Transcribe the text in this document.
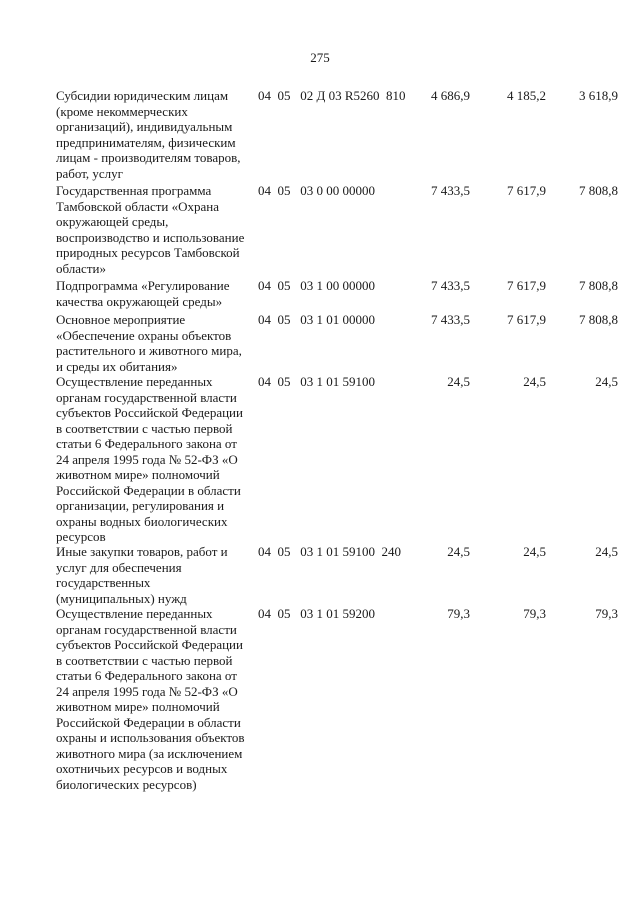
275
Субсидии юридическим лицам
(кроме некоммерческих
организаций), индивидуальным
предпринимателям, физическим
лицам - производителям товаров,
работ, услуг
04  05   02 Д 03 R5260  810	4 686,9	4 185,2	3 618,9
Государственная программа
Тамбовской области «Охрана
окружающей среды,
воспроизводство и использование
природных ресурсов Тамбовской
области»
04  05   03 0 00 00000	7 433,5	7 617,9	7 808,8
Подпрограмма «Регулирование
качества окружающей среды»
04  05   03 1 00 00000	7 433,5	7 617,9	7 808,8
Основное мероприятие
«Обеспечение охраны объектов
растительного и животного мира,
и среды их обитания»
04  05   03 1 01 00000	7 433,5	7 617,9	7 808,8
Осуществление переданных
органам государственной власти
субъектов Российской Федерации
в соответствии с частью первой
статьи 6 Федерального закона от
24 апреля 1995 года № 52-ФЗ «О
животном мире» полномочий
Российской Федерации в области
организации, регулирования и
охраны водных биологических
ресурсов
04  05   03 1 01 59100	24,5	24,5	24,5
Иные закупки товаров, работ и
услуг для обеспечения
государственных
(муниципальных) нужд
04  05   03 1 01 59100  240	24,5	24,5	24,5
Осуществление переданных
органам государственной власти
субъектов Российской Федерации
в соответствии с частью первой
статьи 6 Федерального закона от
24 апреля 1995 года № 52-ФЗ «О
животном мире» полномочий
Российской Федерации в области
охраны и использования объектов
животного мира (за исключением
охотничьих ресурсов и водных
биологических ресурсов)
04  05   03 1 01 59200	79,3	79,3	79,3
